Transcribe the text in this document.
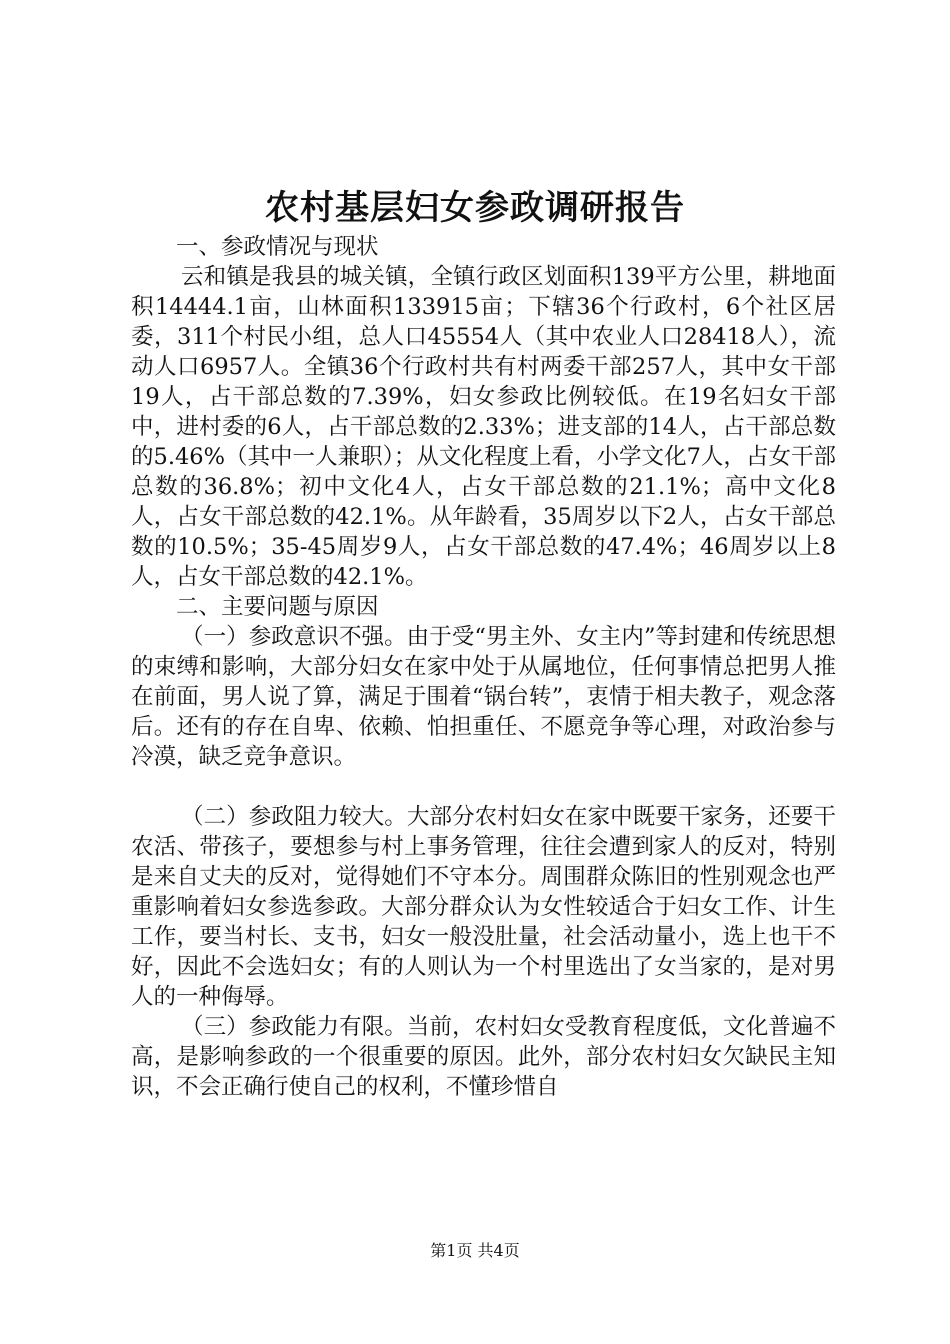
农村基层妇女参政调研报告

一、参政情况与现状

云和镇是我县的城关镇，全镇行政区划面积139平方公里，耕地面积14444.1亩，山林面积133915亩；下辖36个行政村，6个社区居委，311个村民小组，总人口45554人（其中农业人口28418人），流动人口6957人。全镇36个行政村共有村两委干部257人，其中女干部19人，占干部总数的7.39%，妇女参政比例较低。在19名妇女干部中，进村委的6人，占干部总数的2.33%；进支部的14人，占干部总数的5.46%（其中一人兼职）；从文化程度上看，小学文化7人，占女干部总数的36.8%；初中文化4人，占女干部总数的21.1%；高中文化8人，占女干部总数的42.1%。从年龄看，35周岁以下2人，占女干部总数的10.5%；35-45周岁9人，占女干部总数的47.4%；46周岁以上8人，占女干部总数的42.1%。

二、主要问题与原因

（一）参政意识不强。由于受“男主外、女主内”等封建和传统思想的束缚和影响，大部分妇女在家中处于从属地位，任何事情总把男人推在前面，男人说了算，满足于围着“锅台转”，衷情于相夫教子，观念落后。还有的存在自卑、依赖、怕担重任、不愿竞争等心理，对政治参与冷漠，缺乏竞争意识。

（二）参政阻力较大。大部分农村妇女在家中既要干家务，还要干农活、带孩子，要想参与村上事务管理，往往会遭到家人的反对，特别是来自丈夫的反对，觉得她们不守本分。周围群众陈旧的性别观念也严重影响着妇女参选参政。大部分群众认为女性较适合于妇女工作、计生工作，要当村长、支书，妇女一般没肚量，社会活动量小，选上也干不好，因此不会选妇女；有的人则认为一个村里选出了女当家的，是对男人的一种侮辱。

（三）参政能力有限。当前，农村妇女受教育程度低，文化普遍不高，是影响参政的一个很重要的原因。此外，部分农村妇女欠缺民主知识，不会正确行使自己的权利，不懂珍惜自

第1页 共4页
